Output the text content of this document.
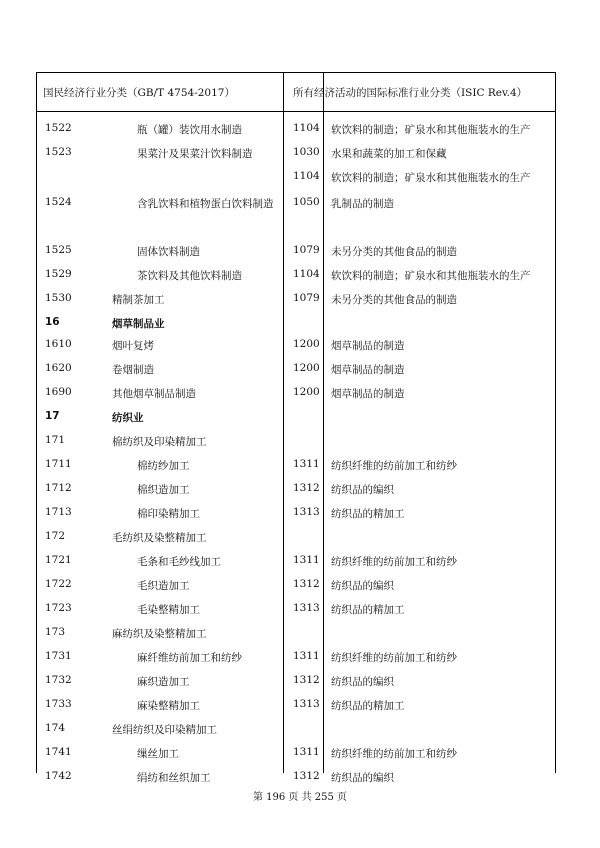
国民经济行业分类（GB/T 4754-2017）	所有经济活动的国际标准行业分类（ISIC Rev.4）
1522	瓶（罐）装饮用水制造	1104 软饮料的制造；矿泉水和其他瓶装水的生产
1523	果菜汁及果菜汁饮料制造	1030 水果和蔬菜的加工和保藏
1104 软饮料的制造；矿泉水和其他瓶装水的生产
1524	含乳饮料和植物蛋白饮料制造 1050 乳制品的制造
1525	固体饮料制造	1079 未另分类的其他食品的制造
1529	茶饮料及其他饮料制造	1104 软饮料的制造；矿泉水和其他瓶装水的生产
1530	精制茶加工	1079 未另分类的其他食品的制造
16	烟草制品业
1610	烟叶复烤	1200 烟草制品的制造
1620	卷烟制造	1200 烟草制品的制造
1690	其他烟草制品制造	1200 烟草制品的制造
17	纺织业
171	棉纺织及印染精加工
1711	棉纺纱加工	1311 纺织纤维的纺前加工和纺纱
1712	棉织造加工	1312 纺织品的编织
1713	棉印染精加工	1313 纺织品的精加工
172	毛纺织及染整精加工
1721	毛条和毛纱线加工	1311 纺织纤维的纺前加工和纺纱
1722	毛织造加工	1312 纺织品的编织
1723	毛染整精加工	1313 纺织品的精加工
173	麻纺织及染整精加工
1731	麻纤维纺前加工和纺纱	1311 纺织纤维的纺前加工和纺纱
1732	麻织造加工	1312 纺织品的编织
1733	麻染整精加工	1313 纺织品的精加工
174	丝绢纺织及印染精加工
1741	缫丝加工	1311 纺织纤维的纺前加工和纺纱
1742	绢纺和丝织加工	1312 纺织品的编织
第 196 页 共 255 页
